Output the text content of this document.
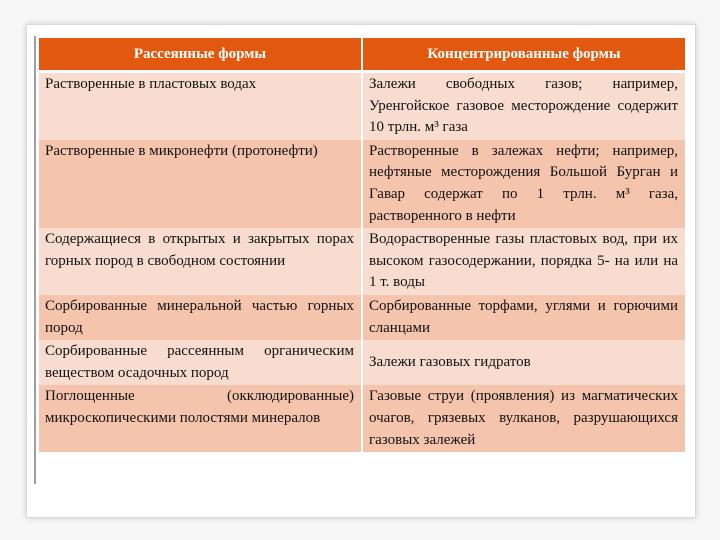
Рассеянные формы	Концентрированные формы
Растворенные в пластовых водах	Залежи свободных газов; например, Уренгойское газовое месторождение содержит 10 трлн. м³ газа
Растворенные в микронефти (протонефти)	Растворенные в залежах нефти; например, нефтяные месторождения Большой Бурган и Гавар содержат по 1 трлн. м³ газа, растворенного в нефти
Содержащиеся в открытых и закрытых порах горных пород в свободном состоянии	Водорастворенные газы пластовых вод, при их высоком газосодержании, порядка 5- на или на 1 т. воды
Сорбированные минеральной частью горных пород	Сорбированные торфами, углями и горючими сланцами
Сорбированные рассеянным органическим веществом осадочных пород	Залежи газовых гидратов
Поглощенные (окклюдированные) микроскопическими полостями минералов	Газовые струи (проявления) из магматических очагов, грязевых вулканов, разрушающихся газовых залежей
